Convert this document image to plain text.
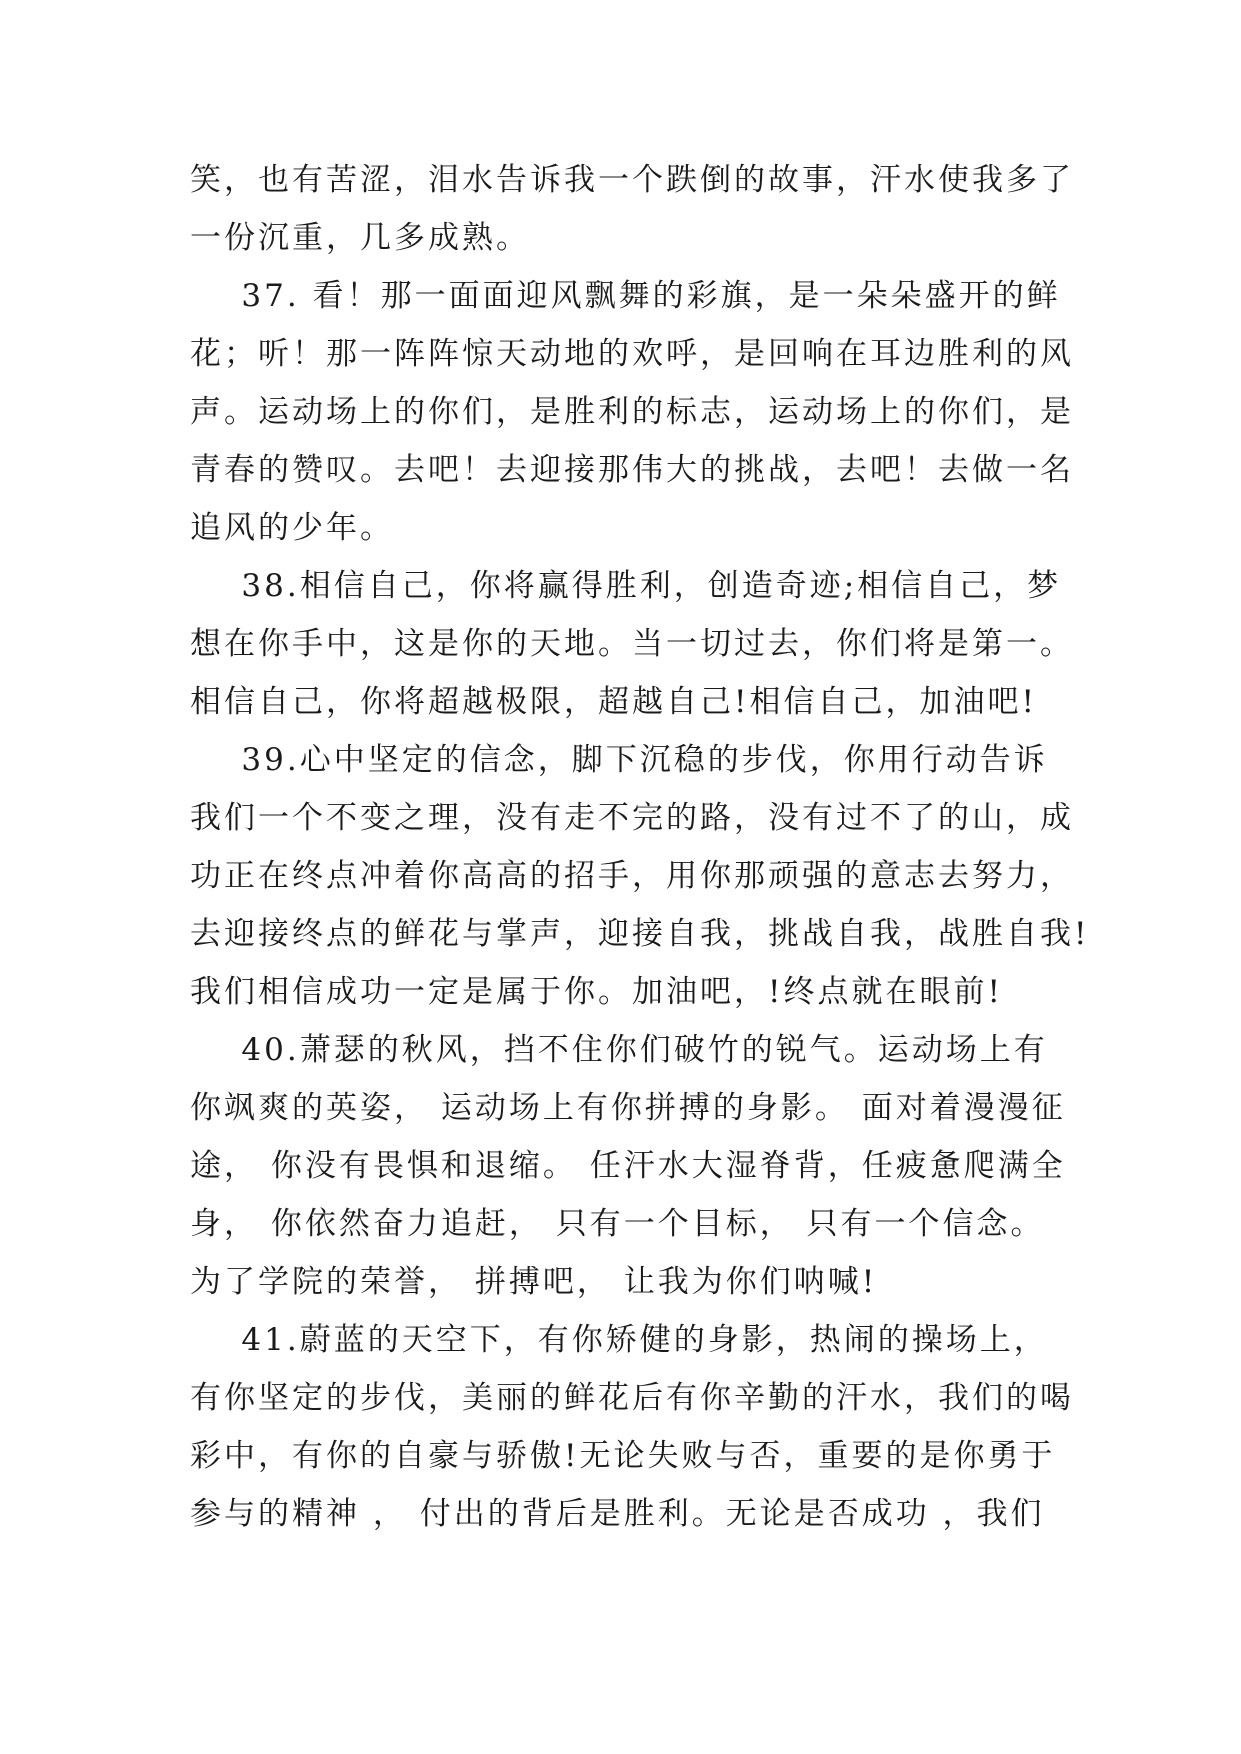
笑，也有苦涩，泪水告诉我一个跌倒的故事，汗水使我多了
一份沉重，几多成熟。
37. 看！那一面面迎风飘舞的彩旗，是一朵朵盛开的鲜
花；听！那一阵阵惊天动地的欢呼，是回响在耳边胜利的风
声。运动场上的你们，是胜利的标志，运动场上的你们，是
青春的赞叹。去吧！去迎接那伟大的挑战，去吧！去做一名
追风的少年。
38.相信自己，你将赢得胜利，创造奇迹;相信自己，梦
想在你手中，这是你的天地。当一切过去，你们将是第一。
相信自己，你将超越极限，超越自己!相信自己，加油吧!
39.心中坚定的信念，脚下沉稳的步伐，你用行动告诉
我们一个不变之理，没有走不完的路，没有过不了的山，成
功正在终点冲着你高高的招手，用你那顽强的意志去努力，
去迎接终点的鲜花与掌声，迎接自我，挑战自我，战胜自我!
我们相信成功一定是属于你。加油吧，!终点就在眼前!
40.萧瑟的秋风，挡不住你们破竹的锐气。运动场上有
你飒爽的英姿， 运动场上有你拼搏的身影。 面对着漫漫征
途， 你没有畏惧和退缩。 任汗水大湿脊背，任疲惫爬满全
身， 你依然奋力追赶， 只有一个目标， 只有一个信念。
为了学院的荣誉， 拼搏吧， 让我为你们呐喊!
41.蔚蓝的天空下，有你矫健的身影，热闹的操场上，
有你坚定的步伐，美丽的鲜花后有你辛勤的汗水，我们的喝
彩中，有你的自豪与骄傲!无论失败与否，重要的是你勇于
参与的精神 ， 付出的背后是胜利。无论是否成功 ，我们
